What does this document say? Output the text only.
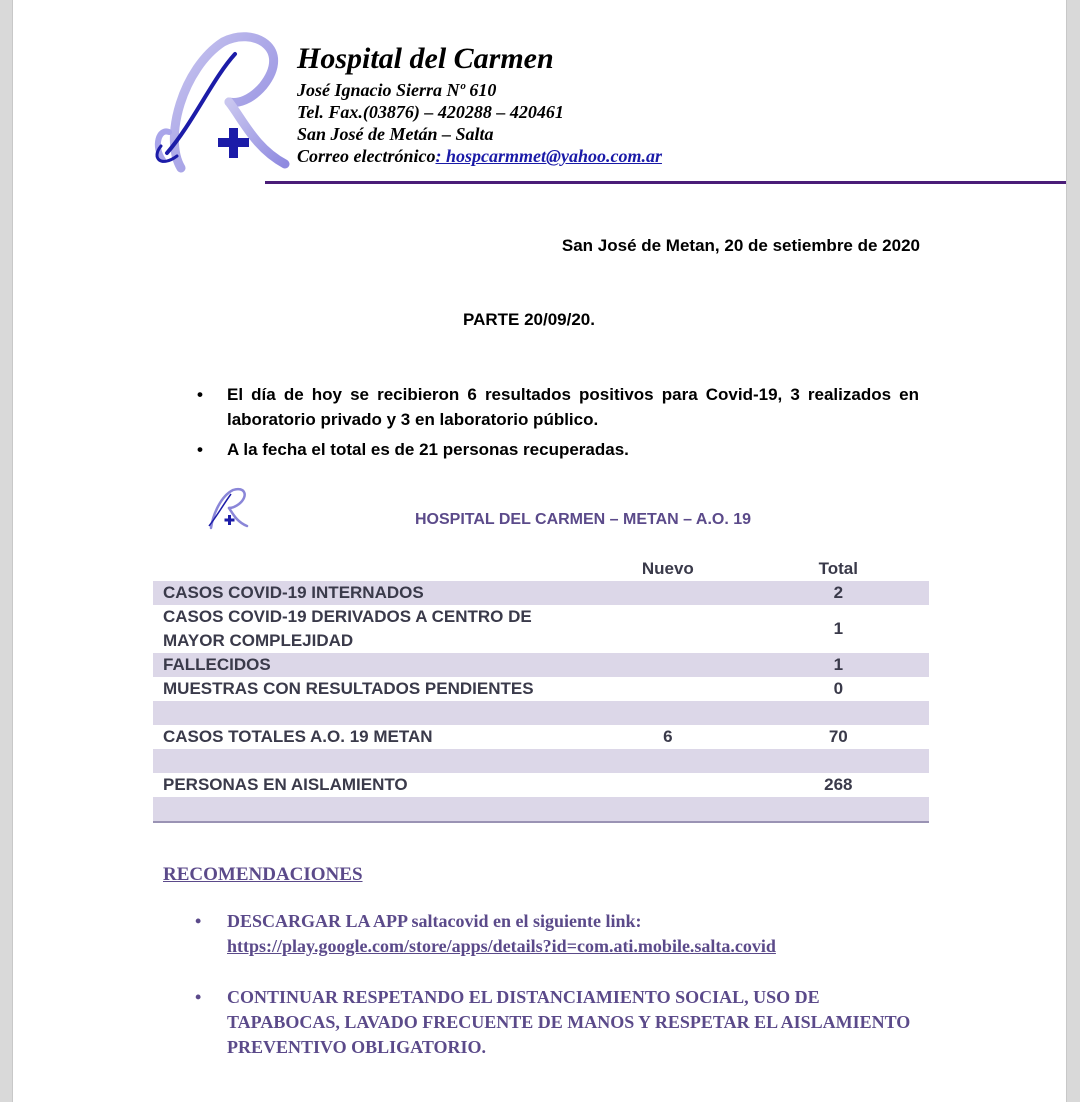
Hospital del Carmen
José Ignacio Sierra Nº 610
Tel. Fax.(03876) – 420288 – 420461
San José de Metán – Salta
Correo electrónico: hospcarmmet@yahoo.com.ar
San José de Metan, 20 de setiembre de 2020
PARTE 20/09/20.
• El día de hoy se recibieron 6 resultados positivos para Covid-19, 3 realizados en laboratorio privado y 3 en laboratorio público.
• A la fecha el total es de 21 personas recuperadas.
HOSPITAL DEL CARMEN – METAN – A.O. 19
	Nuevo	Total
CASOS COVID-19 INTERNADOS		2
CASOS COVID-19 DERIVADOS A CENTRO DE MAYOR COMPLEJIDAD		1
FALLECIDOS		1
MUESTRAS CON RESULTADOS PENDIENTES		0

CASOS TOTALES A.O. 19 METAN	6	70

PERSONAS EN AISLAMIENTO		268

RECOMENDACIONES
• DESCARGAR LA APP saltacovid en el siguiente link:
https://play.google.com/store/apps/details?id=com.ati.mobile.salta.covid
• CONTINUAR RESPETANDO EL DISTANCIAMIENTO SOCIAL, USO DE TAPABOCAS, LAVADO FRECUENTE DE MANOS Y RESPETAR EL AISLAMIENTO PREVENTIVO OBLIGATORIO.
